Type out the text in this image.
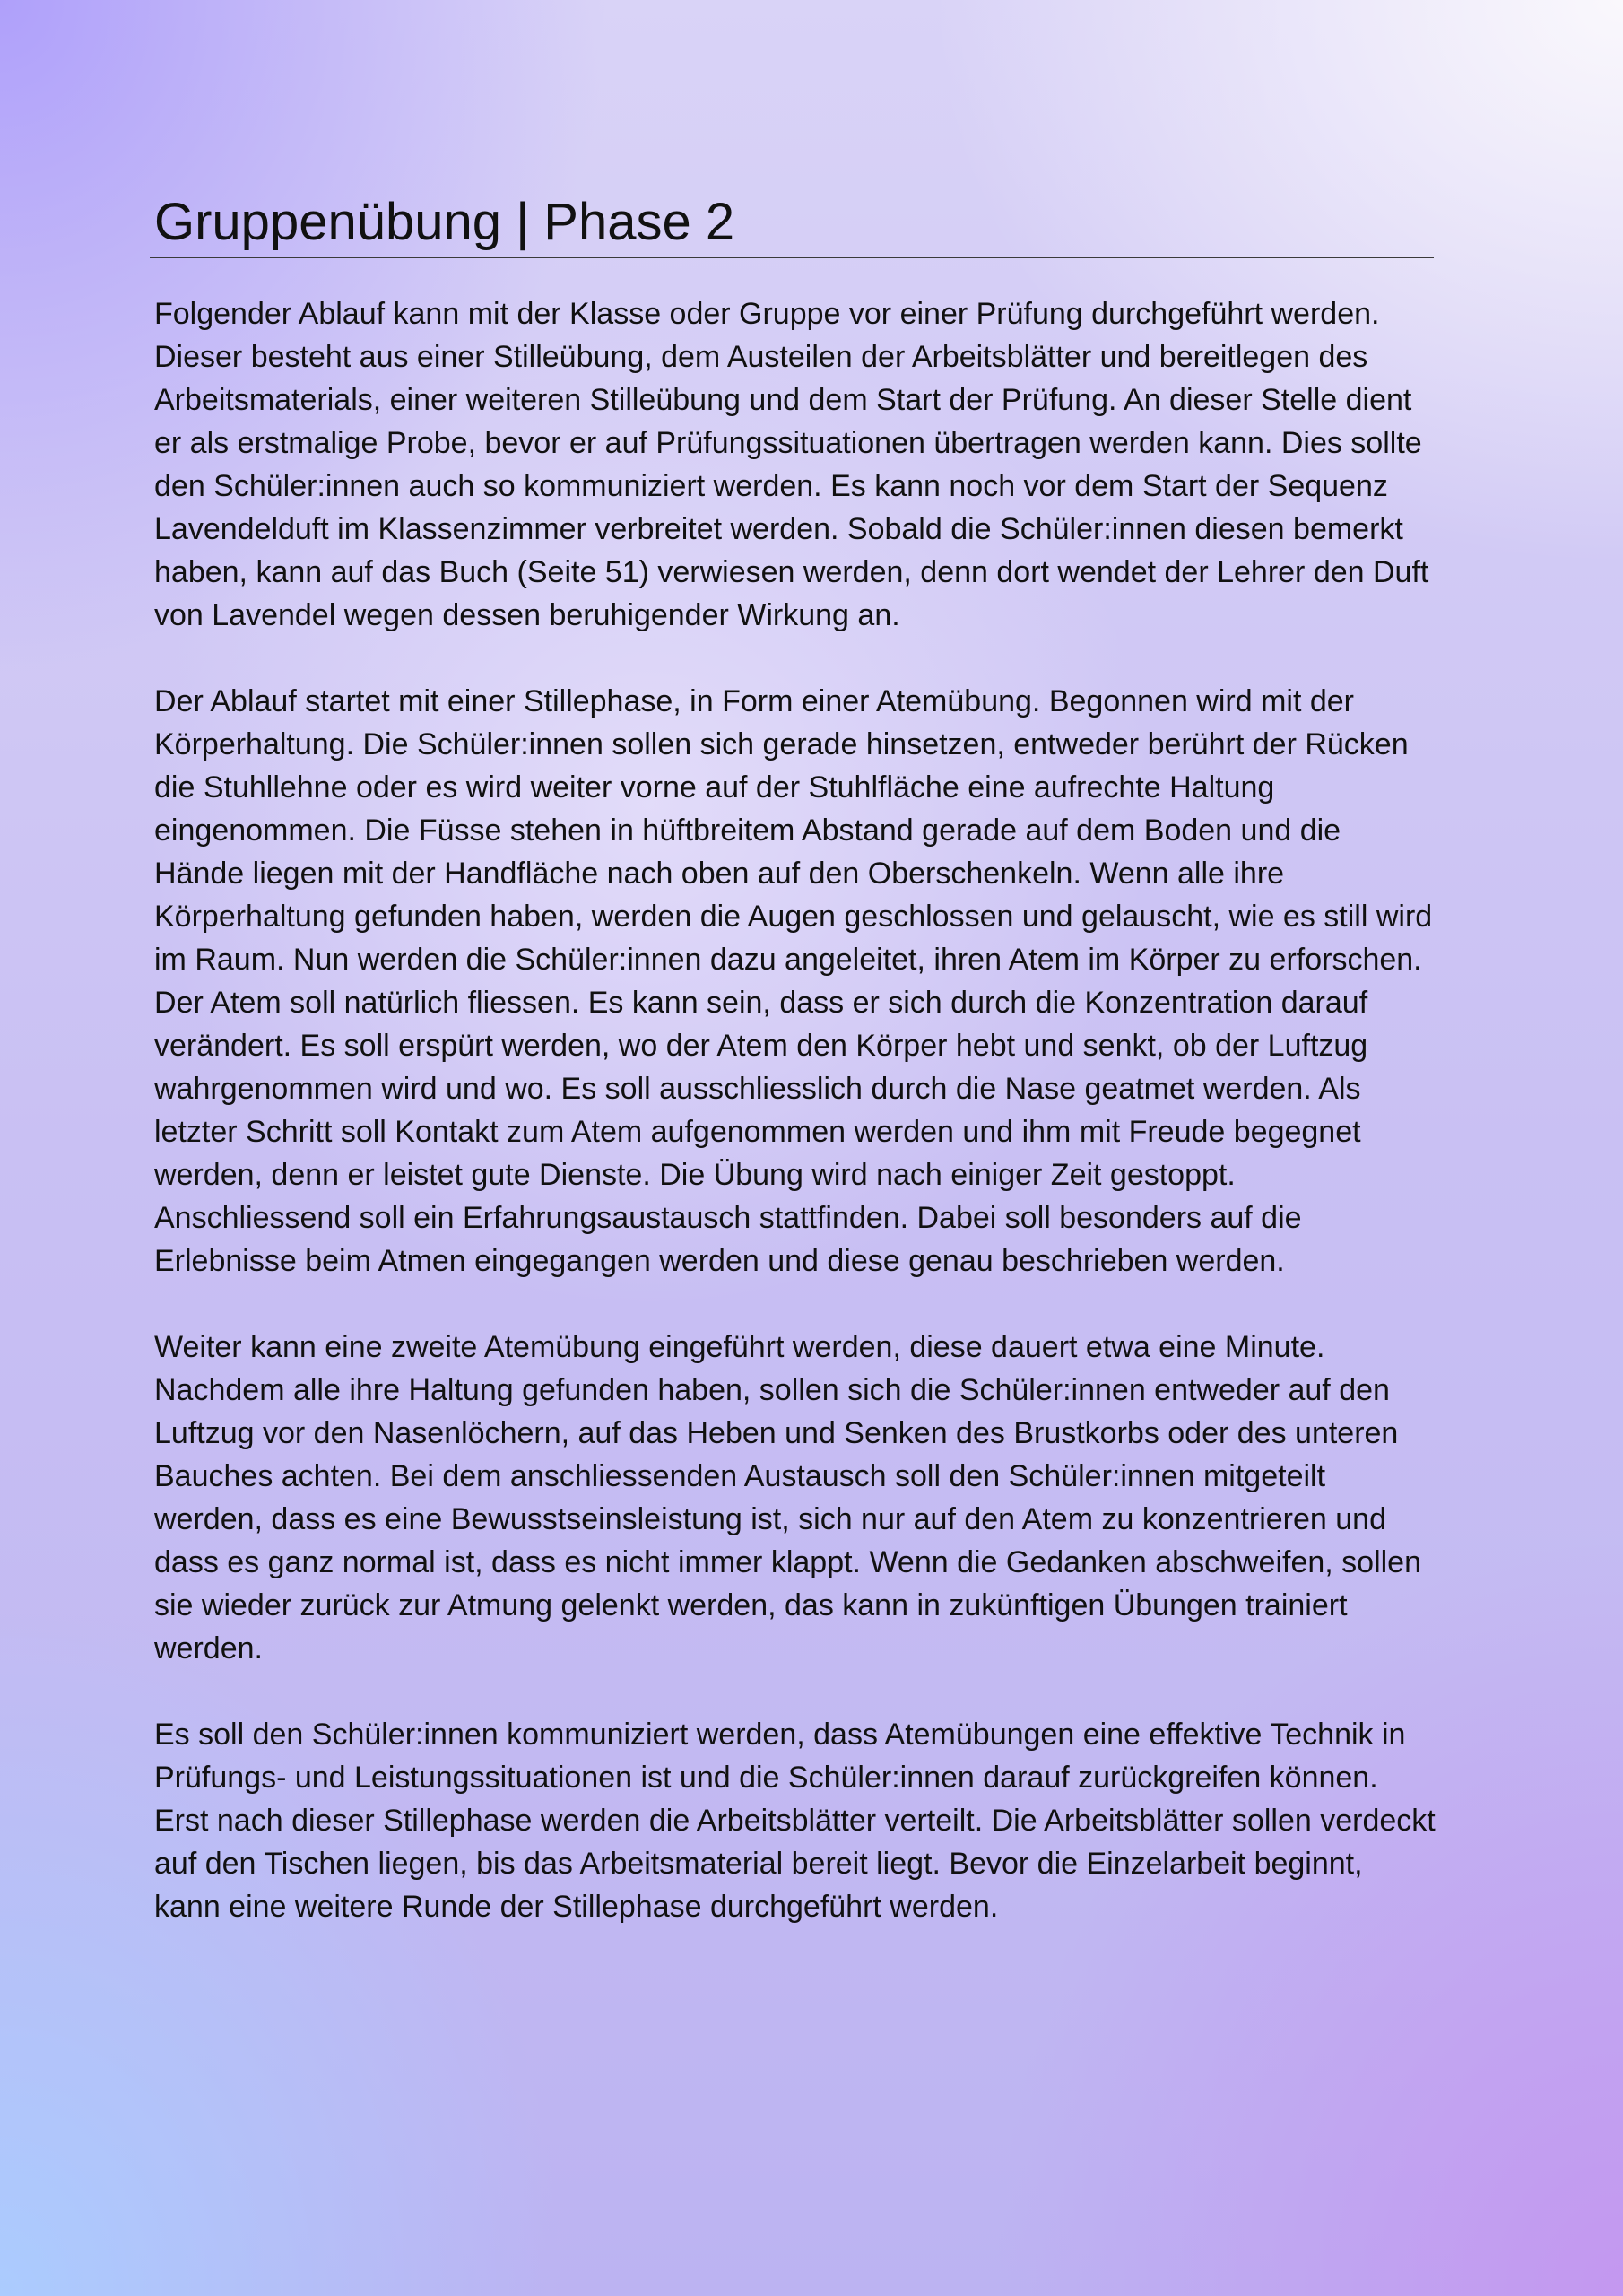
Gruppenübung | Phase 2

Folgender Ablauf kann mit der Klasse oder Gruppe vor einer Prüfung durchgeführt werden. Dieser besteht aus einer Stilleübung, dem Austeilen der Arbeitsblätter und bereitlegen des Arbeitsmaterials, einer weiteren Stilleübung und dem Start der Prüfung. An dieser Stelle dient er als erstmalige Probe, bevor er auf Prüfungssituationen übertragen werden kann. Dies sollte den Schüler:innen auch so kommuniziert werden. Es kann noch vor dem Start der Sequenz Lavendelduft im Klassenzimmer verbreitet werden. Sobald die Schüler:innen diesen bemerkt haben, kann auf das Buch (Seite 51) verwiesen werden, denn dort wendet der Lehrer den Duft von Lavendel wegen dessen beruhigender Wirkung an.

Der Ablauf startet mit einer Stillephase, in Form einer Atemübung. Begonnen wird mit der Körperhaltung. Die Schüler:innen sollen sich gerade hinsetzen, entweder berührt der Rücken die Stuhllehne oder es wird weiter vorne auf der Stuhlfläche eine aufrechte Haltung eingenommen. Die Füsse stehen in hüftbreitem Abstand gerade auf dem Boden und die Hände liegen mit der Handfläche nach oben auf den Oberschenkeln. Wenn alle ihre Körperhaltung gefunden haben, werden die Augen geschlossen und gelauscht, wie es still wird im Raum. Nun werden die Schüler:innen dazu angeleitet, ihren Atem im Körper zu erforschen. Der Atem soll natürlich fliessen. Es kann sein, dass er sich durch die Konzentration darauf verändert. Es soll erspürt werden, wo der Atem den Körper hebt und senkt, ob der Luftzug wahrgenommen wird und wo. Es soll ausschliesslich durch die Nase geatmet werden. Als letzter Schritt soll Kontakt zum Atem aufgenommen werden und ihm mit Freude begegnet werden, denn er leistet gute Dienste. Die Übung wird nach einiger Zeit gestoppt. Anschliessend soll ein Erfahrungsaustausch stattfinden. Dabei soll besonders auf die Erlebnisse beim Atmen eingegangen werden und diese genau beschrieben werden.

Weiter kann eine zweite Atemübung eingeführt werden, diese dauert etwa eine Minute. Nachdem alle ihre Haltung gefunden haben, sollen sich die Schüler:innen entweder auf den Luftzug vor den Nasenlöchern, auf das Heben und Senken des Brustkorbs oder des unteren Bauches achten. Bei dem anschliessenden Austausch soll den Schüler:innen mitgeteilt werden, dass es eine Bewusstseinsleistung ist, sich nur auf den Atem zu konzentrieren und dass es ganz normal ist, dass es nicht immer klappt. Wenn die Gedanken abschweifen, sollen sie wieder zurück zur Atmung gelenkt werden, das kann in zukünftigen Übungen trainiert werden.

Es soll den Schüler:innen kommuniziert werden, dass Atemübungen eine effektive Technik in Prüfungs- und Leistungssituationen ist und die Schüler:innen darauf zurückgreifen können. Erst nach dieser Stillephase werden die Arbeitsblätter verteilt. Die Arbeitsblätter sollen verdeckt auf den Tischen liegen, bis das Arbeitsmaterial bereit liegt. Bevor die Einzelarbeit beginnt, kann eine weitere Runde der Stillephase durchgeführt werden.
